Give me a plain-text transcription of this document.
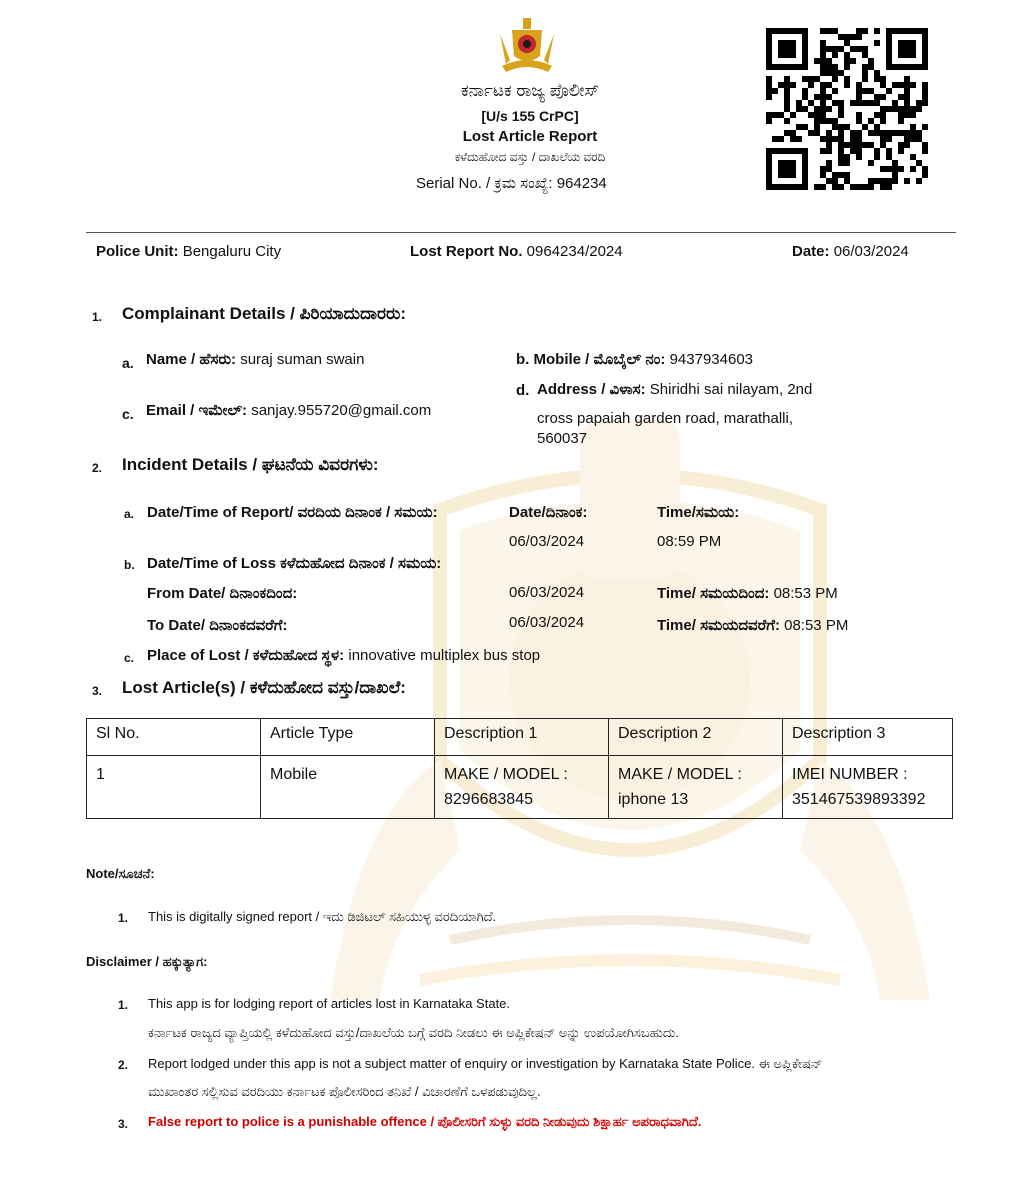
ಕರ್ನಾಟಕ ರಾಜ್ಯ ಪೊಲೀಸ್
[U/s 155 CrPC]
Lost Article Report
ಕಳೆದುಹೋದ ವಸ್ತು / ದಾಖಲೆಯ ವರದಿ
Serial No. / ಕ್ರಮ ಸಂಖ್ಯೆ: 964234
Police Unit: Bengaluru City	Lost Report No. 0964234/2024	Date: 06/03/2024
1. Complainant Details / ಪಿರಿಯಾದುದಾರರು:
a. Name / ಹೆಸರು: suraj suman swain	b. Mobile / ಮೊಬೈಲ್ ನಂ: 9437934603
c. Email / ಇಮೇಲ್: sanjay.955720@gmail.com
d. Address / ವಿಳಾಸ: Shiridhi sai nilayam, 2nd
cross papaiah garden road, marathalli,
560037
2. Incident Details / ಘಟನೆಯ ವಿವರಗಳು:
a. Date/Time of Report/ ವರದಿಯ ದಿನಾಂಕ / ಸಮಯ:	Date/ದಿನಾಂಕ:	Time/ಸಮಯ:
06/03/2024	08:59 PM
b. Date/Time of Loss ಕಳೆದುಹೋದ ದಿನಾಂಕ / ಸಮಯ:
From Date/ ದಿನಾಂಕದಿಂದ:	06/03/2024	Time/ ಸಮಯದಿಂದ: 08:53 PM
To Date/ ದಿನಾಂಕದವರೆಗೆ:	06/03/2024	Time/ ಸಮಯದವರೆಗೆ: 08:53 PM
c. Place of Lost / ಕಳೆದುಹೋದ ಸ್ಥಳ: innovative multiplex bus stop
3. Lost Article(s) / ಕಳೆದುಹೋದ ವಸ್ತು/ದಾಖಲೆ:
Sl No.	Article Type	Description 1	Description 2	Description 3
1	Mobile	MAKE / MODEL : 8296683845	MAKE / MODEL : iphone 13	IMEI NUMBER : 351467539893392
Note/ಸೂಚನೆ:
1. This is digitally signed report / ಇದು ಡಿಜಿಟಲ್ ಸಹಿಯುಳ್ಳ ವರದಿಯಾಗಿದೆ.
Disclaimer / ಹಕ್ಕುತ್ಯಾಗ:
1. This app is for lodging report of articles lost in Karnataka State.
ಕರ್ನಾಟಕ ರಾಜ್ಯದ ವ್ಯಾಪ್ತಿಯಲ್ಲಿ ಕಳೆದುಹೋದ ವಸ್ತು/ದಾಖಲೆಯ ಬಗ್ಗೆ ವರದಿ ನೀಡಲು ಈ ಅಪ್ಲಿಕೇಷನ್ ಅನ್ನು ಉಪಯೋಗಿಸಬಹುದು.
2. Report lodged under this app is not a subject matter of enquiry or investigation by Karnataka State Police. ಈ ಅಪ್ಲಿಕೇಷನ್
ಮುಖಾಂತರ ಸಲ್ಲಿಸುವ ವರದಿಯು ಕರ್ನಾಟಕ ಪೊಲೀಸರಿಂದ ತನಿಖೆ / ವಿಚಾರಣೆಗೆ ಒಳಪಡುವುದಿಲ್ಲ.
3. False report to police is a punishable offence / ಪೊಲೀಸರಿಗೆ ಸುಳ್ಳು ವರದಿ ನೀಡುವುದು ಶಿಕ್ಷಾರ್ಹ ಅಪರಾಧವಾಗಿದೆ.
